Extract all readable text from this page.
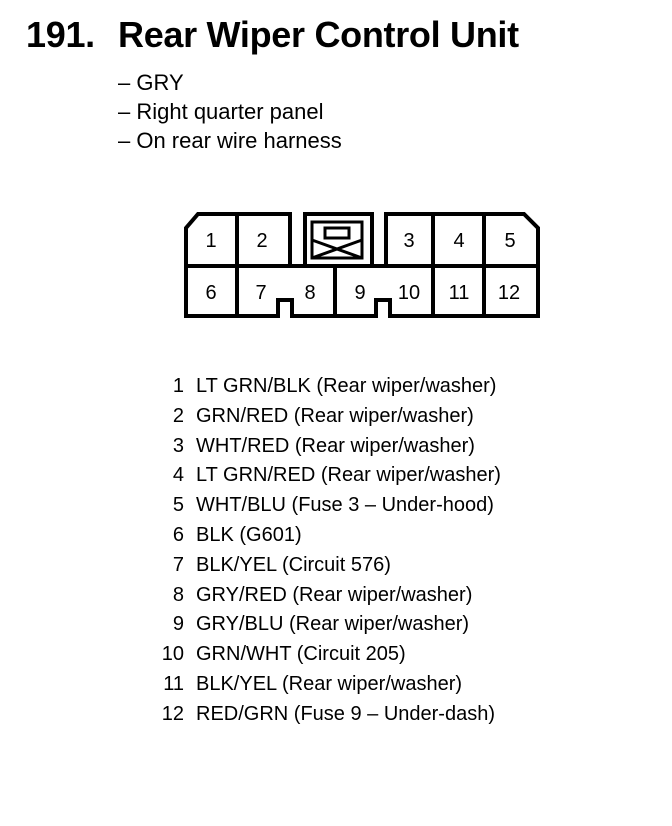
191. Rear Wiper Control Unit
– GRY
– Right quarter panel
– On rear wire harness
1 2	3 4 5
6 7 8 9 10 11 12
1 LT GRN/BLK (Rear wiper/washer)
2 GRN/RED (Rear wiper/washer)
3 WHT/RED (Rear wiper/washer)
4 LT GRN/RED (Rear wiper/washer)
5 WHT/BLU (Fuse 3 – Under-hood)
6 BLK (G601)
7 BLK/YEL (Circuit 576)
8 GRY/RED (Rear wiper/washer)
9 GRY/BLU (Rear wiper/washer)
10 GRN/WHT (Circuit 205)
11 BLK/YEL (Rear wiper/washer)
12 RED/GRN (Fuse 9 – Under-dash)
